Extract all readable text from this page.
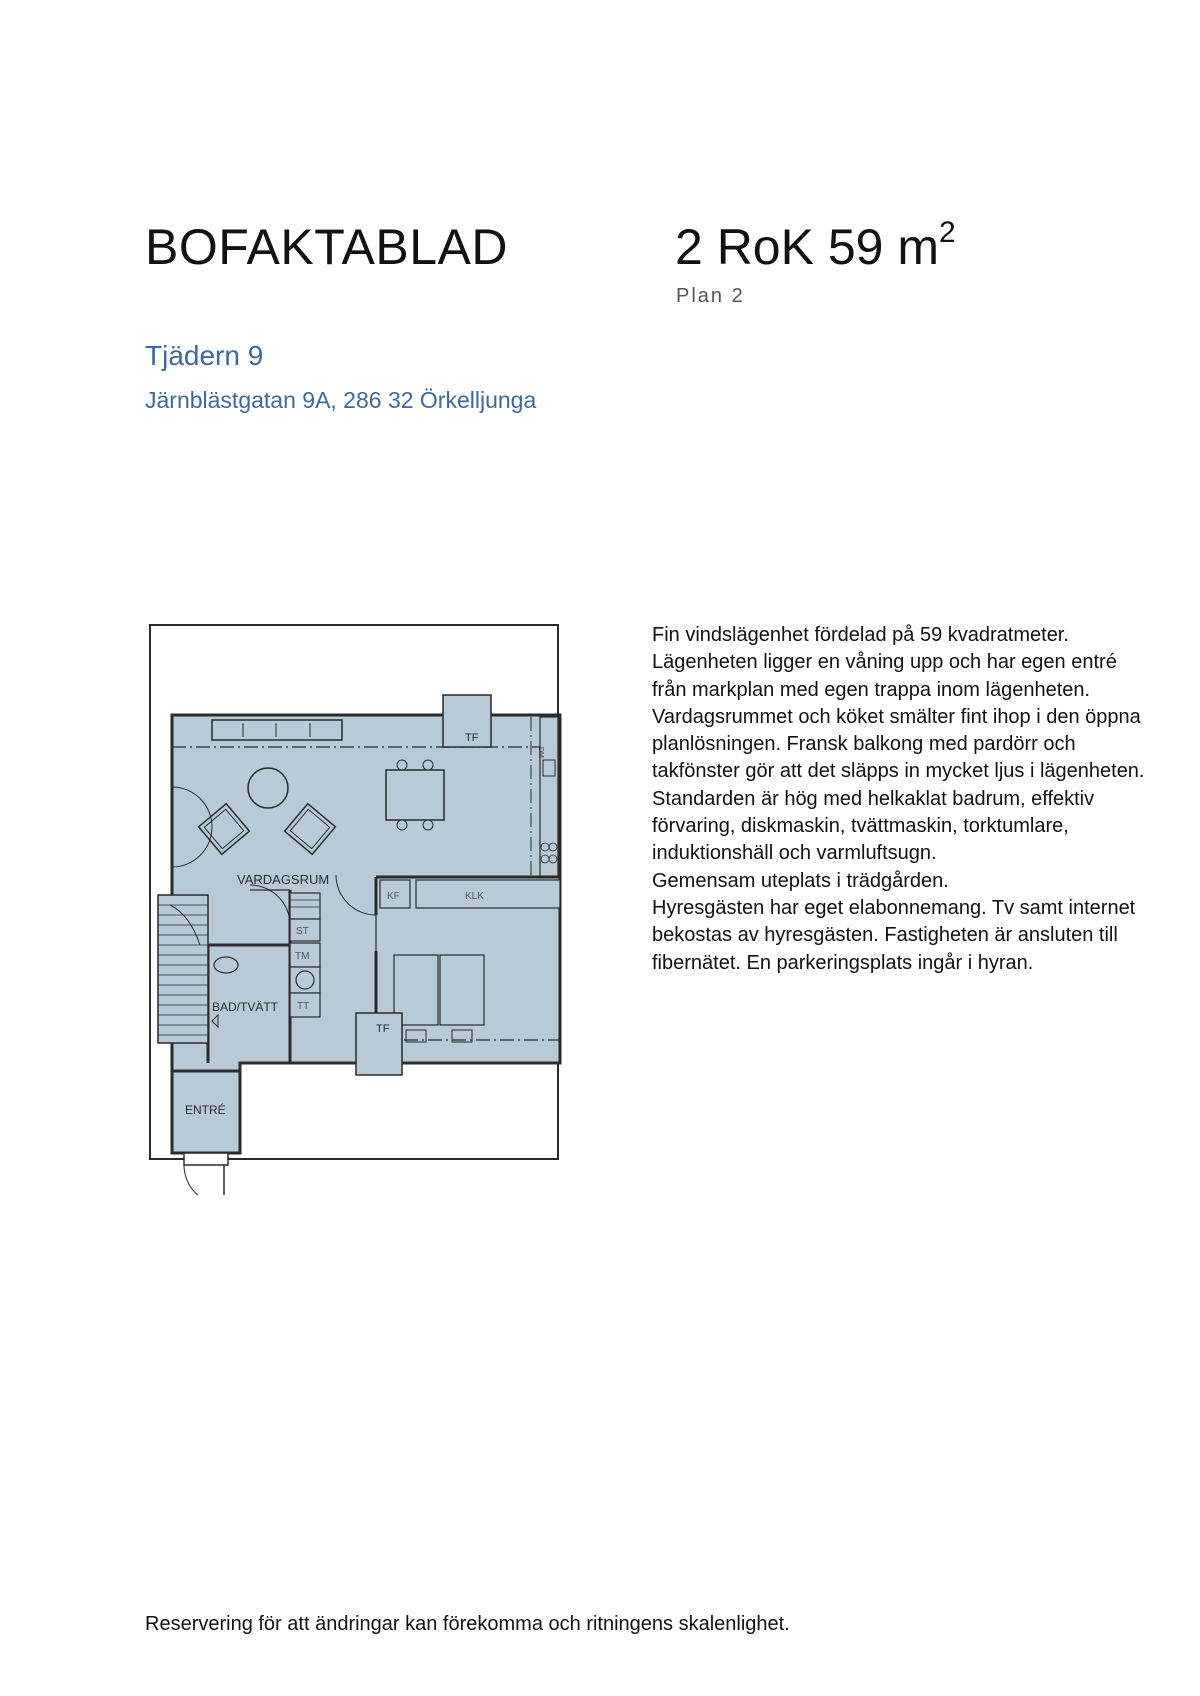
BOFAKTABLAD	2 RoK 59 $m^2$
Plan 2
Tjädern 9
Järnblästgatan 9A, 286 32 Örkelljunga
TF
DM
KF	KLK
TF
BAD/TVÄTT
ST
TM
TT
VARDAGSRUM
ENTRÉ

Fin vindslägenhet fördelad på 59 kvadratmeter. Lägenheten ligger en våning upp och har egen entré från markplan med egen trappa inom lägenheten. Vardagsrummet och köket smälter fint ihop i den öppna planlösningen. Fransk balkong med pardörr och takfönster gör att det släpps in mycket ljus i lägenheten. Standarden är hög med helkaklat badrum, effektiv förvaring, diskmaskin, tvättmaskin, torktumlare, induktionshäll och varmluftsugn.

Gemensam uteplats i trädgården.

Hyresgästen har eget elabonnemang. Tv samt internet bekostas av hyresgästen. Fastigheten är ansluten till fibernätet. En parkeringsplats ingår i hyran.

Reservering för att ändringar kan förekomma och ritningens skalenlighet.
